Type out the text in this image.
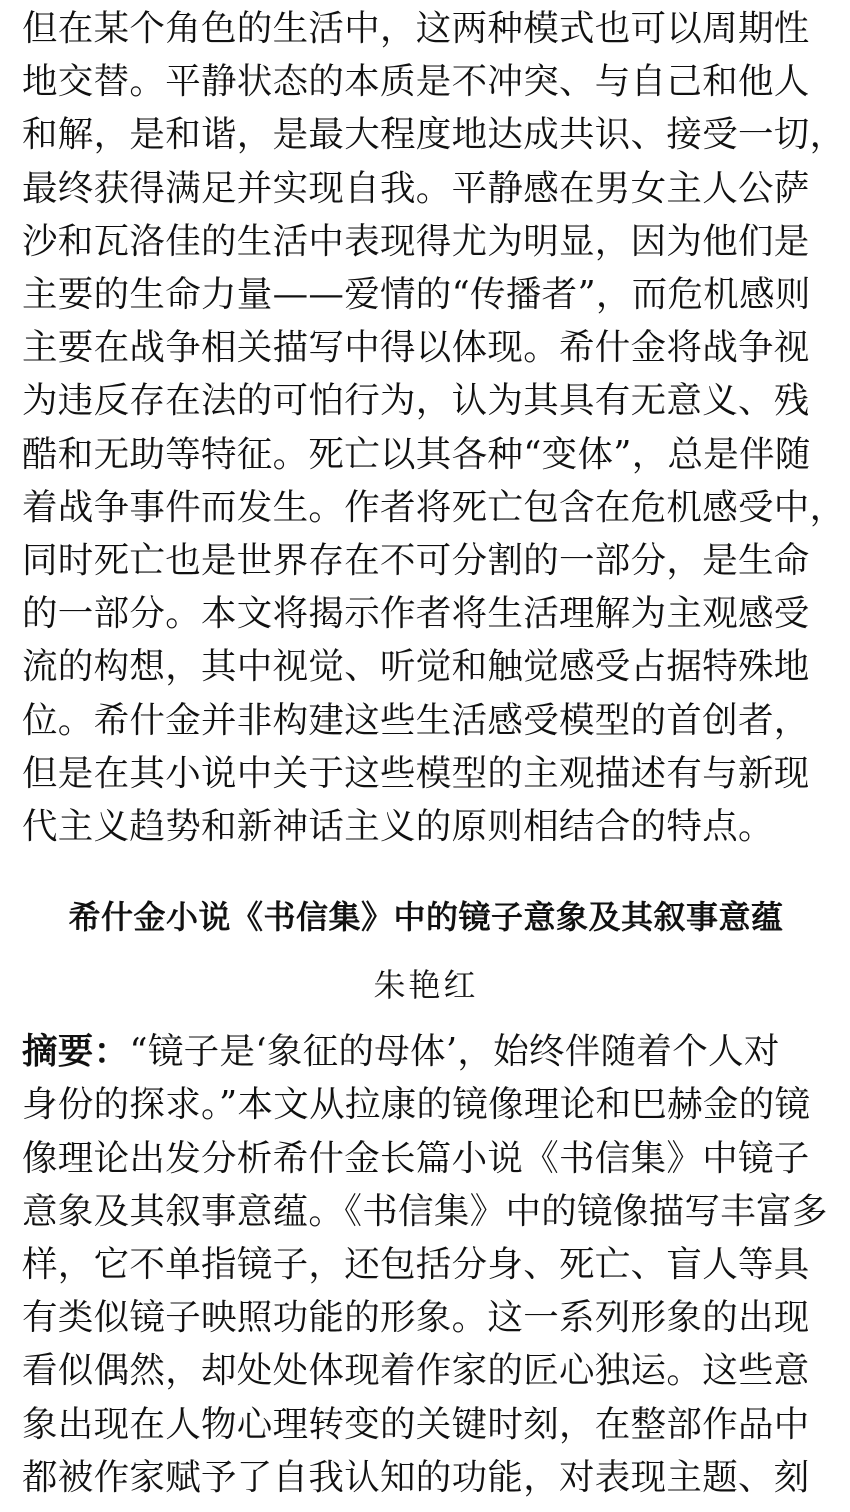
但在某个角色的生活中，这两种模式也可以周期性
地交替。平静状态的本质是不冲突、与自己和他人
和解，是和谐，是最大程度地达成共识、接受一切，
最终获得满足并实现自我。平静感在男女主人公萨
沙和瓦洛佳的生活中表现得尤为明显，因为他们是
主要的生命力量——爱情的“传播者”，而危机感则
主要在战争相关描写中得以体现。希什金将战争视
为违反存在法的可怕行为，认为其具有无意义、残
酷和无助等特征。死亡以其各种“变体”，总是伴随
着战争事件而发生。作者将死亡包含在危机感受中，
同时死亡也是世界存在不可分割的一部分，是生命
的一部分。本文将揭示作者将生活理解为主观感受
流的构想，其中视觉、听觉和触觉感受占据特殊地
位。希什金并非构建这些生活感受模型的首创者，
但是在其小说中关于这些模型的主观描述有与新现
代主义趋势和新神话主义的原则相结合的特点。
希什金小说《书信集》中的镜子意象及其叙事意蕴
朱艳红
摘要：“镜子是‘象征的母体’，始终伴随着个人对
身份的探求。”本文从拉康的镜像理论和巴赫金的镜
像理论出发分析希什金长篇小说《书信集》中镜子
意象及其叙事意蕴。《书信集》中的镜像描写丰富多
样，它不单指镜子，还包括分身、死亡、盲人等具
有类似镜子映照功能的形象。这一系列形象的出现
看似偶然，却处处体现着作家的匠心独运。这些意
象出现在人物心理转变的关键时刻，在整部作品中
都被作家赋予了自我认知的功能，对表现主题、刻
